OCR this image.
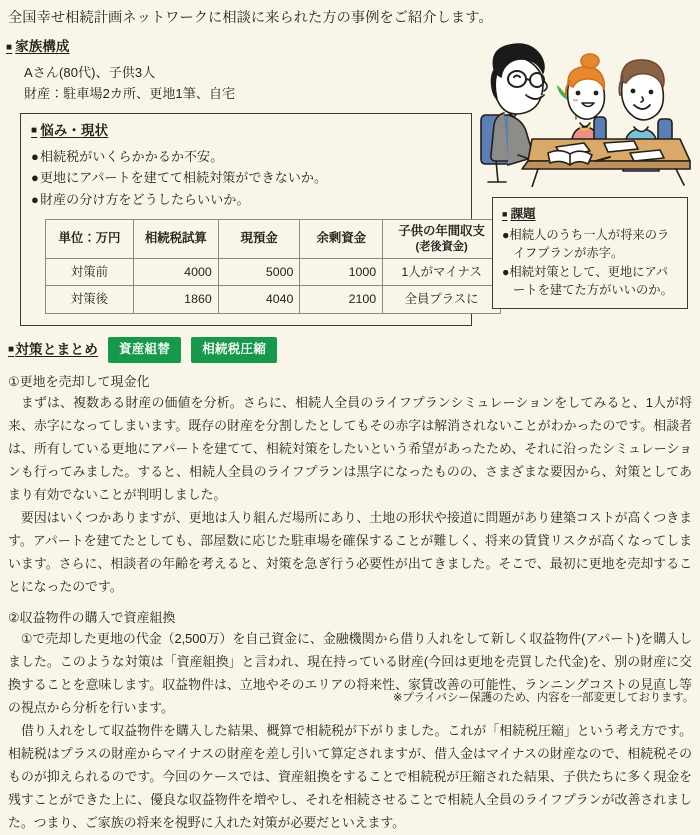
全国幸せ相続計画ネットワークに相談に来られた方の事例をご紹介します。
■ 家族構成
Aさん(80代)、子供3人
財産：駐車場2カ所、更地1筆、自宅
■ 悩み・現状
●相続税がいくらかかるか不安。
●更地にアパートを建てて相続対策ができないか。
●財産の分け方をどうしたらいいか。
単位：万円	相続税試算	現預金	余剰資金	子供の年間収支
(老後資金)

対策前	4000	5000	1000	1人がマイナス
対策後	1860	4040	2100	全員プラスに
■ 課題
●相続人のうち一人が将来のライフプランが赤字。
●相続対策として、更地にアパートを建てた方がいいのか。
■対策とまとめ	資産組替	相続税圧縮
①更地を売却して現金化

まずは、複数ある財産の価値を分析。さらに、相続人全員のライフプランシミュレーションをしてみると、1人が将来、赤字になってしまいます。既存の財産を分割したとしてもその赤字は解消されないことがわかったのです。相談者は、所有している更地にアパートを建てて、相続対策をしたいという希望があったため、それに沿ったシミュレーションも行ってみました。すると、相続人全員のライフプランは黒字になったものの、さまざまな要因から、対策としてあまり有効でないことが判明しました。

要因はいくつかありますが、更地は入り組んだ場所にあり、土地の形状や接道に問題があり建築コストが高くつきます。アパートを建てたとしても、部屋数に応じた駐車場を確保することが難しく、将来の賃貸リスクが高くなってしまいます。さらに、相談者の年齢を考えると、対策を急ぎ行う必要性が出てきました。そこで、最初に更地を売却することになったのです。

②収益物件の購入で資産組換

①で売却した更地の代金（2,500万）を自己資金に、金融機関から借り入れをして新しく収益物件(アパート)を購入しました。このような対策は「資産組換」と言われ、現在持っている財産(今回は更地を売買した代金)を、別の財産に交換することを意味します。収益物件は、立地やそのエリアの将来性、家賃改善の可能性、ランニングコストの見直し等の視点から分析を行います。

借り入れをして収益物件を購入した結果、概算で相続税が下がりました。これが「相続税圧縮」という考え方です。相続税はプラスの財産からマイナスの財産を差し引いて算定されますが、借入金はマイナスの財産なので、相続税そのものが抑えられるのです。今回のケースでは、資産組換をすることで相続税が圧縮された結果、子供たちに多く現金を残すことができた上に、優良な収益物件を増やし、それを相続させることで相続人全員のライフプランが改善されました。つまり、ご家族の将来を視野に入れた対策が必要だといえます。

※プライバシー保護のため、内容を一部変更しております。
